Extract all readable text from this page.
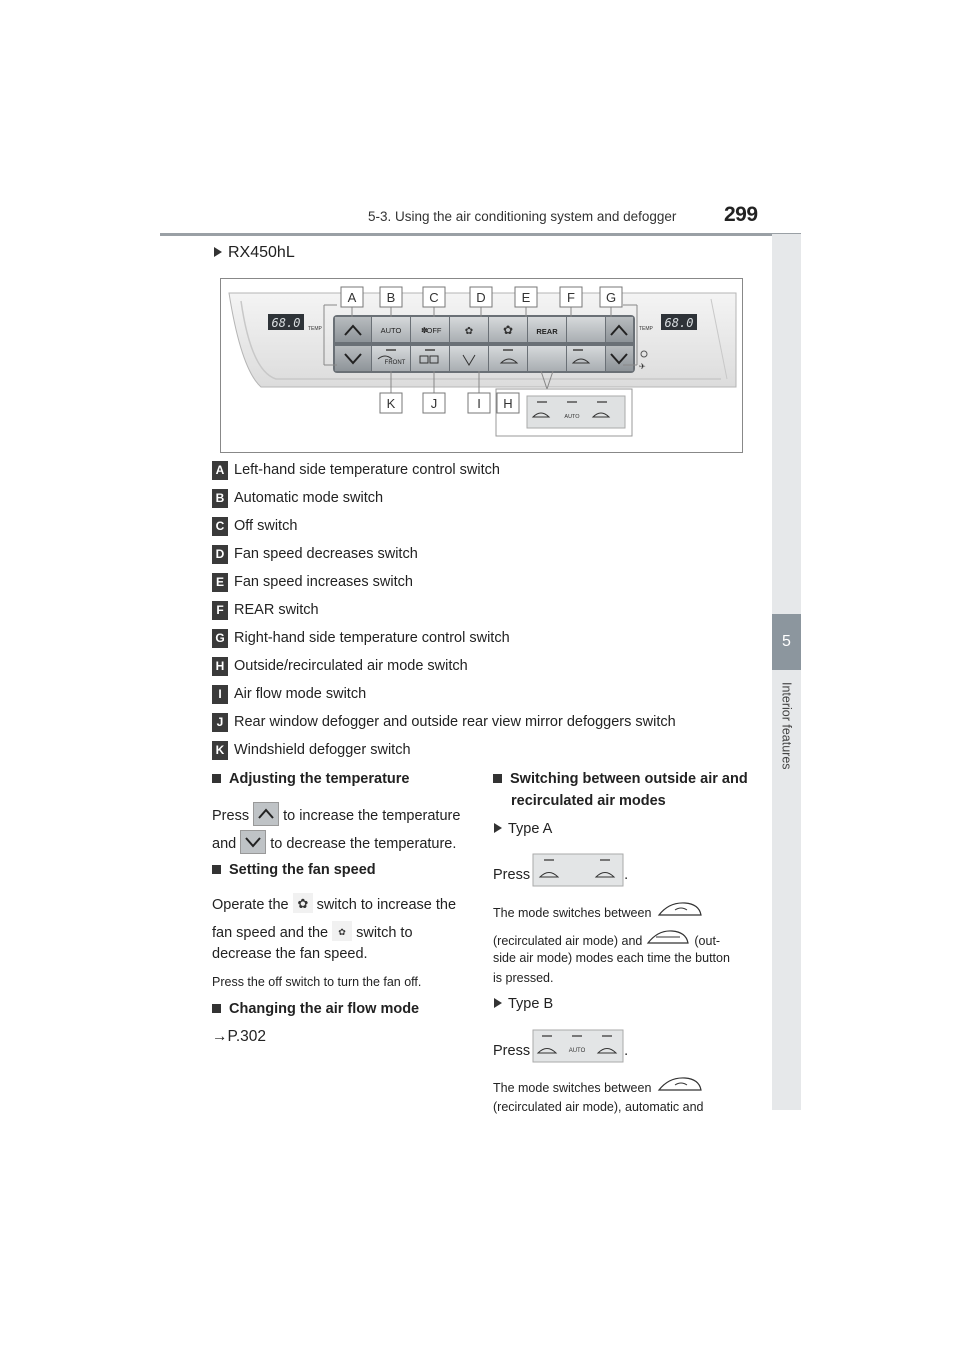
5-3. Using the air conditioning system and defogger 299
5
Interior features
RX450hL
AUTO	OFF
✽	✿ ✿	REAR
FRONT
68.0 TEMP	68.0
TEMP
✈
A B	C	D	E	F G
AUTO
K	J	I H
A Left-hand side temperature control switch
B Automatic mode switch
C Off switch
D Fan speed decreases switch
E Fan speed increases switch
F REAR switch
G Right-hand side temperature control switch
H Outside/recirculated air mode switch
I Air flow mode switch
J Rear window defogger and outside rear view mirror defoggers switch
K Windshield defogger switch
Adjusting the temperature
Press to increase the temperature
and to decrease the temperature.
Setting the fan speed
Operate the ✿ switch to increase the
fan speed and the ✿ switch to
decrease the fan speed.
Press the off switch to turn the fan off.
Changing the air flow mode
→P.302
Switching between outside air and
recirculated air modes
Type A
Press	.
The mode switches between
(recirculated air mode) and	(out-
side air mode) modes each time the button
is pressed.
Type B
Press	AUTO	.
The mode switches between
(recirculated air mode), automatic and
